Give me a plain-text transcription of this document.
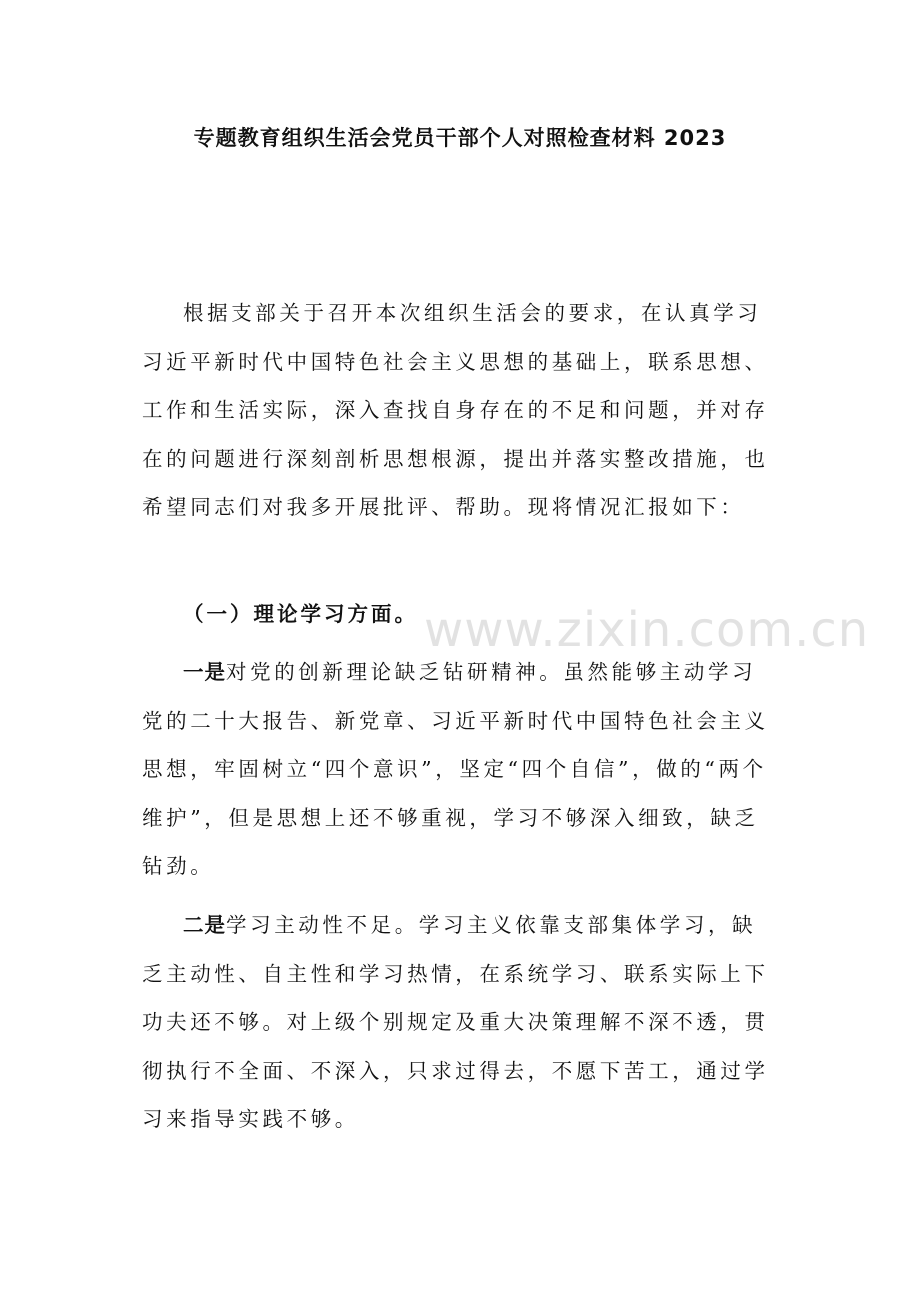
专题教育组织生活会党员干部个人对照检查材料 2023

根据支部关于召开本次组织生活会的要求，在认真学习习近平新时代中国特色社会主义思想的基础上，联系思想、工作和生活实际，深入查找自身存在的不足和问题，并对存在的问题进行深刻剖析思想根源，提出并落实整改措施，也希望同志们对我多开展批评、帮助。现将情况汇报如下：

（一）理论学习方面。

一是对党的创新理论缺乏钻研精神。虽然能够主动学习党的二十大报告、新党章、习近平新时代中国特色社会主义思想，牢固树立“四个意识”，坚定“四个自信”，做的“两个维护”，但是思想上还不够重视，学习不够深入细致，缺乏钻劲。

二是学习主动性不足。学习主义依靠支部集体学习，缺乏主动性、自主性和学习热情，在系统学习、联系实际上下功夫还不够。对上级个别规定及重大决策理解不深不透，贯彻执行不全面、不深入，只求过得去，不愿下苦工，通过学习来指导实践不够。

www.zixin.com.cn
